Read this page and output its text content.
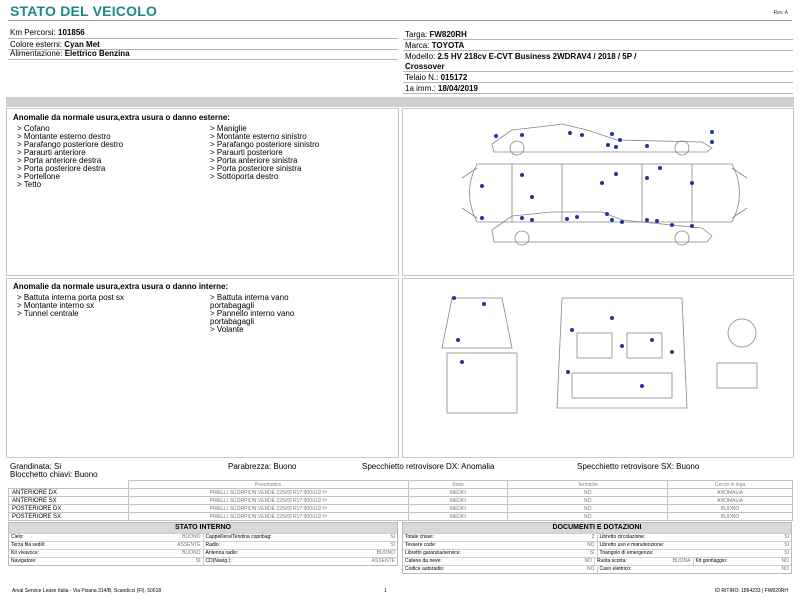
STATO DEL VEICOLO	Rev. A
Km Percorsi: 101856
Colore esterni: Cyan Met
Alimentazione: Elettrico Benzina
Targa: FW820RH
Marca: TOYOTA
Modello: 2.5 HV 218cv E-CVT Business 2WDRAV4 / 2018 / 5P /
Crossover
Telaio N.: 015172
1a imm.: 18/04/2019
Anomalie da normale usura,extra usura o danno esterne:
> Cofano
> Montante esterno destro
> Parafango posteriore destro
> Paraurti anteriore
> Porta anteriore destra
> Porta posteriore destra
> Portellone
> Tetto
> Maniglie
> Montante esterno sinistro
> Parafango posteriore sinistro
> Paraurti posteriore
> Porta anteriore sinistra
> Porta posteriore sinistra
> Sottoporta destro
Anomalie da normale usura,extra usura o danno interne:
> Battuta interna porta post sx
> Montante interno sx
> Tunnel centrale
> Battuta interna vano
portabagagli
> Pannello interno vano
portabagagli
> Volante
Grandinata: Si	Parabrezza: Buono	Specchietto retrovisore DX: Anomalia	Specchietto retrovisore SX: Buono
Blocchetto chiavi: Buono
	Pneumatico	Stato	Termiche	Cerchi in lega
ANTERIORE DX	PIRELLI SCORPION VERDE 225/65 R17 000/102 H	MEDIO	NO	ANOMALIA
ANTERIORE SX	PIRELLI SCORPION VERDE 225/65 R17 000/102 H	MEDIO	NO	ANOMALIA
POSTERIORE DX	PIRELLI SCORPION VERDE 225/65 R17 000/102 H	MEDIO	NO	BUONO
POSTERIORE SX	PIRELLI SCORPION VERDE 225/65 R17 000/102 H	MEDIO	NO	BUONO
STATO INTERNO
Cielo:	BUONO Cappelliera/Tendina copribag:	SI
Terza fila sedili:	ASSENTE Radio:	SI
Kit vivavoce:	BUONO Antenna radio:	BUONO
Navigatore:	SI CD(Navig.):	ASSENTE
DOCUMENTI E DOTAZIONI
Totale chiavi:	2 Libretto circolazione:	SI
Tessere code:	NO Libretto uso e manutenzione:	SI
Libretto garanzia/service:	SI Triangolo di emergenza:	SI
Catene da neve:	NO Ruota scorta:	BUONA Kit gonfiaggio:	NO
Codice autoradio:	NO Cavo elettrico:	NO
Arval Service Lease Italia - Via Pisana 314/B, Scandicci (FI), 50018	1	ID RITIRO: 1864233 | FW820RH
